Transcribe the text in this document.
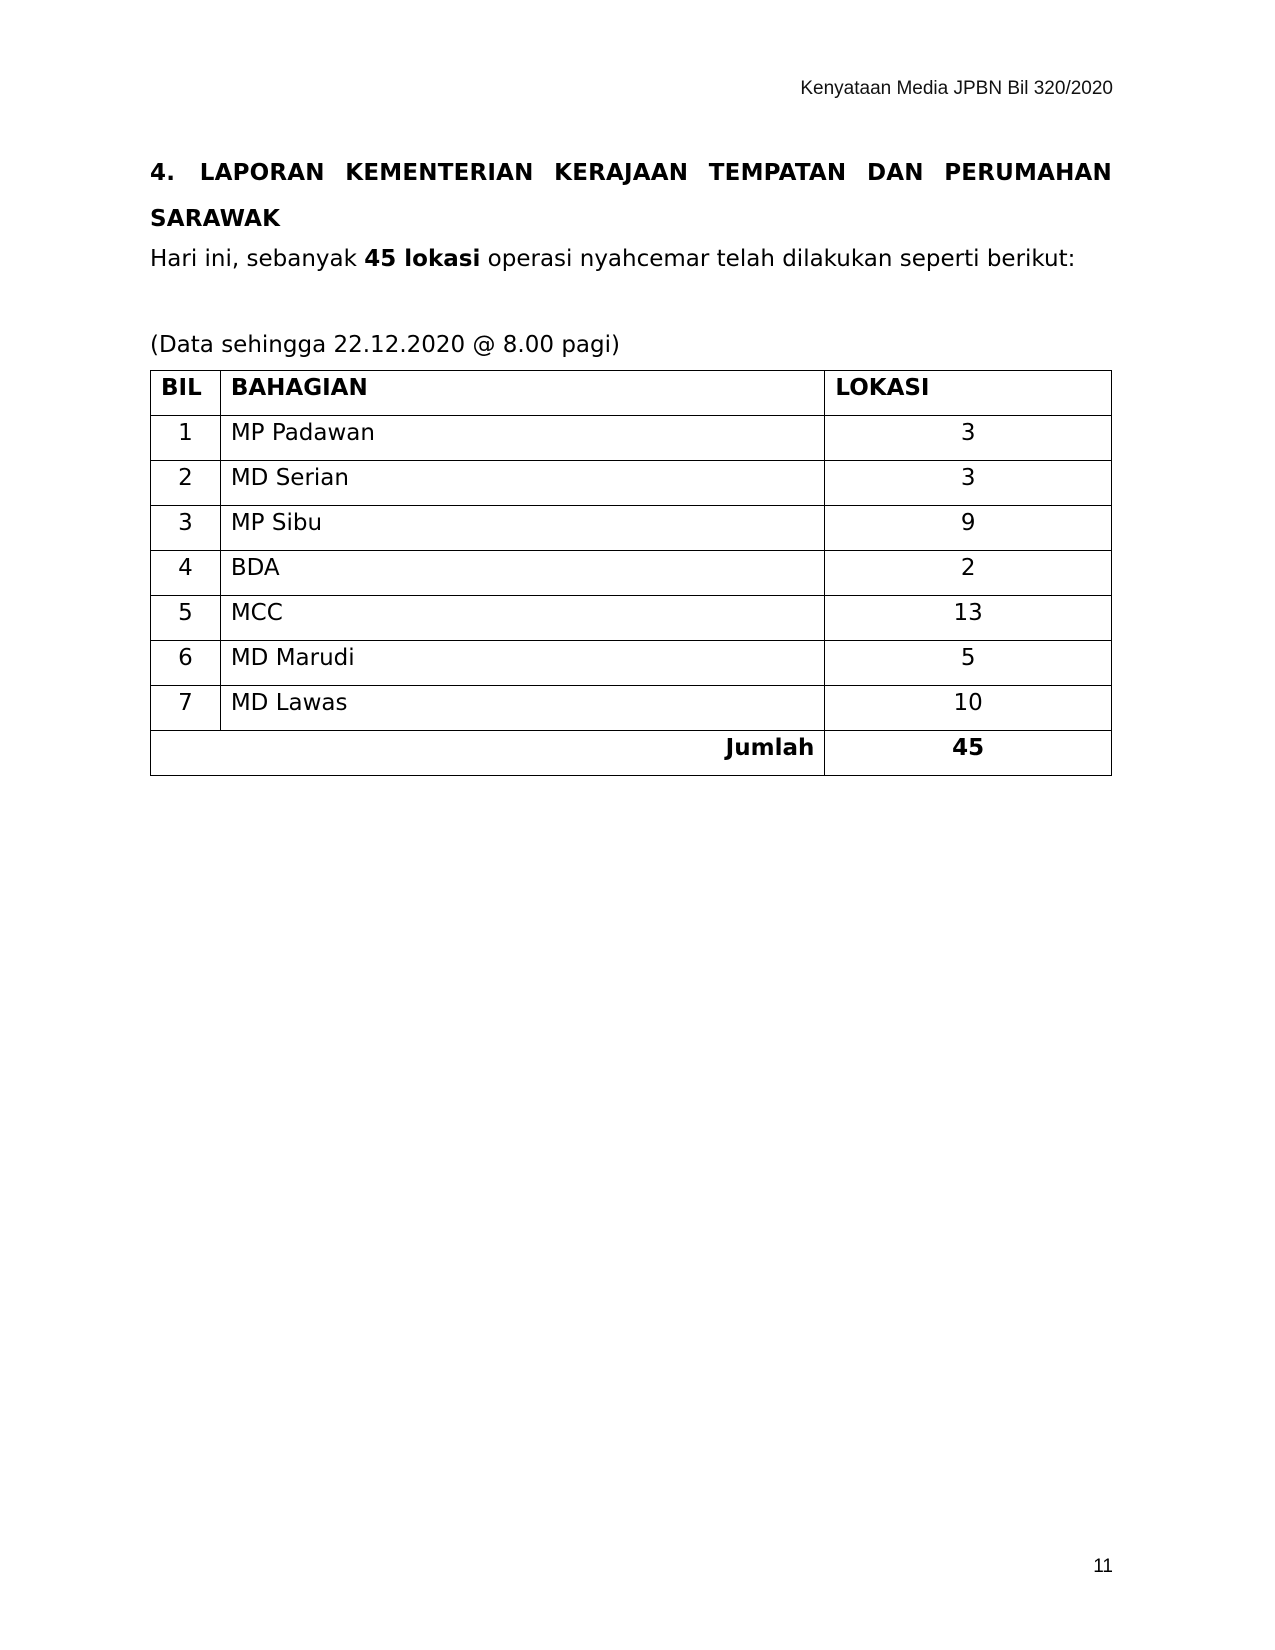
Kenyataan Media JPBN Bil 320/2020

4. LAPORAN KEMENTERIAN KERAJAAN TEMPATAN DAN PERUMAHAN SARAWAK

Hari ini, sebanyak 45 lokasi operasi nyahcemar telah dilakukan seperti berikut:

(Data sehingga 22.12.2020 @ 8.00 pagi)

BIL	BAHAGIAN	LOKASI
1	MP Padawan	3
2	MD Serian	3
3	MP Sibu	9
4	BDA	2
5	MCC	13
6	MD Marudi	5
7	MD Lawas	10
Jumlah		45
11
